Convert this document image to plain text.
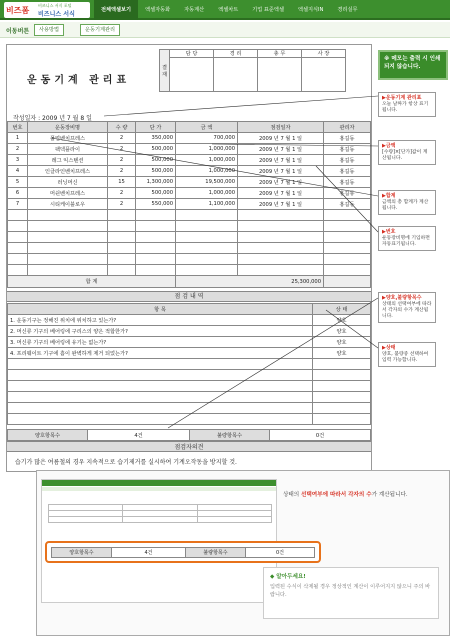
비즈폼
비즈니스 서식 포털
비즈니스 서식
전체엑셀보기	엑셀자동화	자동계산	엑셀차트	기업 표준엑셀	엑셀지식IN	경리실무
이동버튼	사용방법	운동기계관리
운동기계 관리표
결재	담 당	경 리	총 무	사 장

작성일자 : 2009 년 7 월 8 일
번호	운동장비명	수 량	단 가	금 액	점검일자	관리자
1	풀업벤치프레스	2	350,000	700,000	2009 년 7 월 1 일	홍길동
2	팩덱플라이	2	500,000	1,000,000	2009 년 7 월 1 일	홍길동
3	레그 익스텐션	2	500,000	1,000,000	2009 년 7 월 1 일	홍길동
4	인클라인벤치프레스	2	500,000	1,000,000	2009 년 7 월 1 일	홍길동
5	러닝머신	15	1,300,000	19,500,000	2009 년 7 월 1 일	홍길동
6	머쉰벤치프레스	2	500,000	1,000,000	2009 년 7 월 1 일	홍길동
7	시티케이블로우	2	550,000	1,100,000	2009 년 7 월 1 일	홍길동

합 계				25,300,000		
점 검 내 역
항 목	상 태
1. 운동기구는 정해진 위치에 위치하고 있는가?	양호
2. 머신류 기구의 베어링에 구리스의 양은 적합한가?	양호
3. 머신류 기구의 베어링에 유기는 없는가?	양호
4. 프리웨이트 기구에 흠이 완벽하게 제거 되었는가?	양호

양호항목수	4건	불량항목수	0건
점검자의견
습기가 많은 여름철의 경우 지속적으로 습기제거를 실시하여 기계오작동을 방지할 것.
※ 메모는 출력 시 인쇄되지 않습니다.
▶운동기계 관리표
오늘 날짜가 항상 표기됩니다.
▶금액
[수량]×[단가]값이 계산됩니다.
▶합계
금액의 총 합계가 계산됩니다.
▶번호
운동장비명에 기입하면 자동표기됩니다.
▶양호,불량항목수
상태의 선택여부에 따라서 각자의 수가 계산됩니다.
▶상태
양호, 불량중 선택하여 입력 가능합니다.

양호항목수	4건	불량항목수	0건
상태의 선택여부에 따라서 각자의 수가 계산됩니다.
◆ 알아두세요!
입력된 수식이 삭제될 경우 정상적인 계산이 이루어지지 않으니 주의 바랍니다.
